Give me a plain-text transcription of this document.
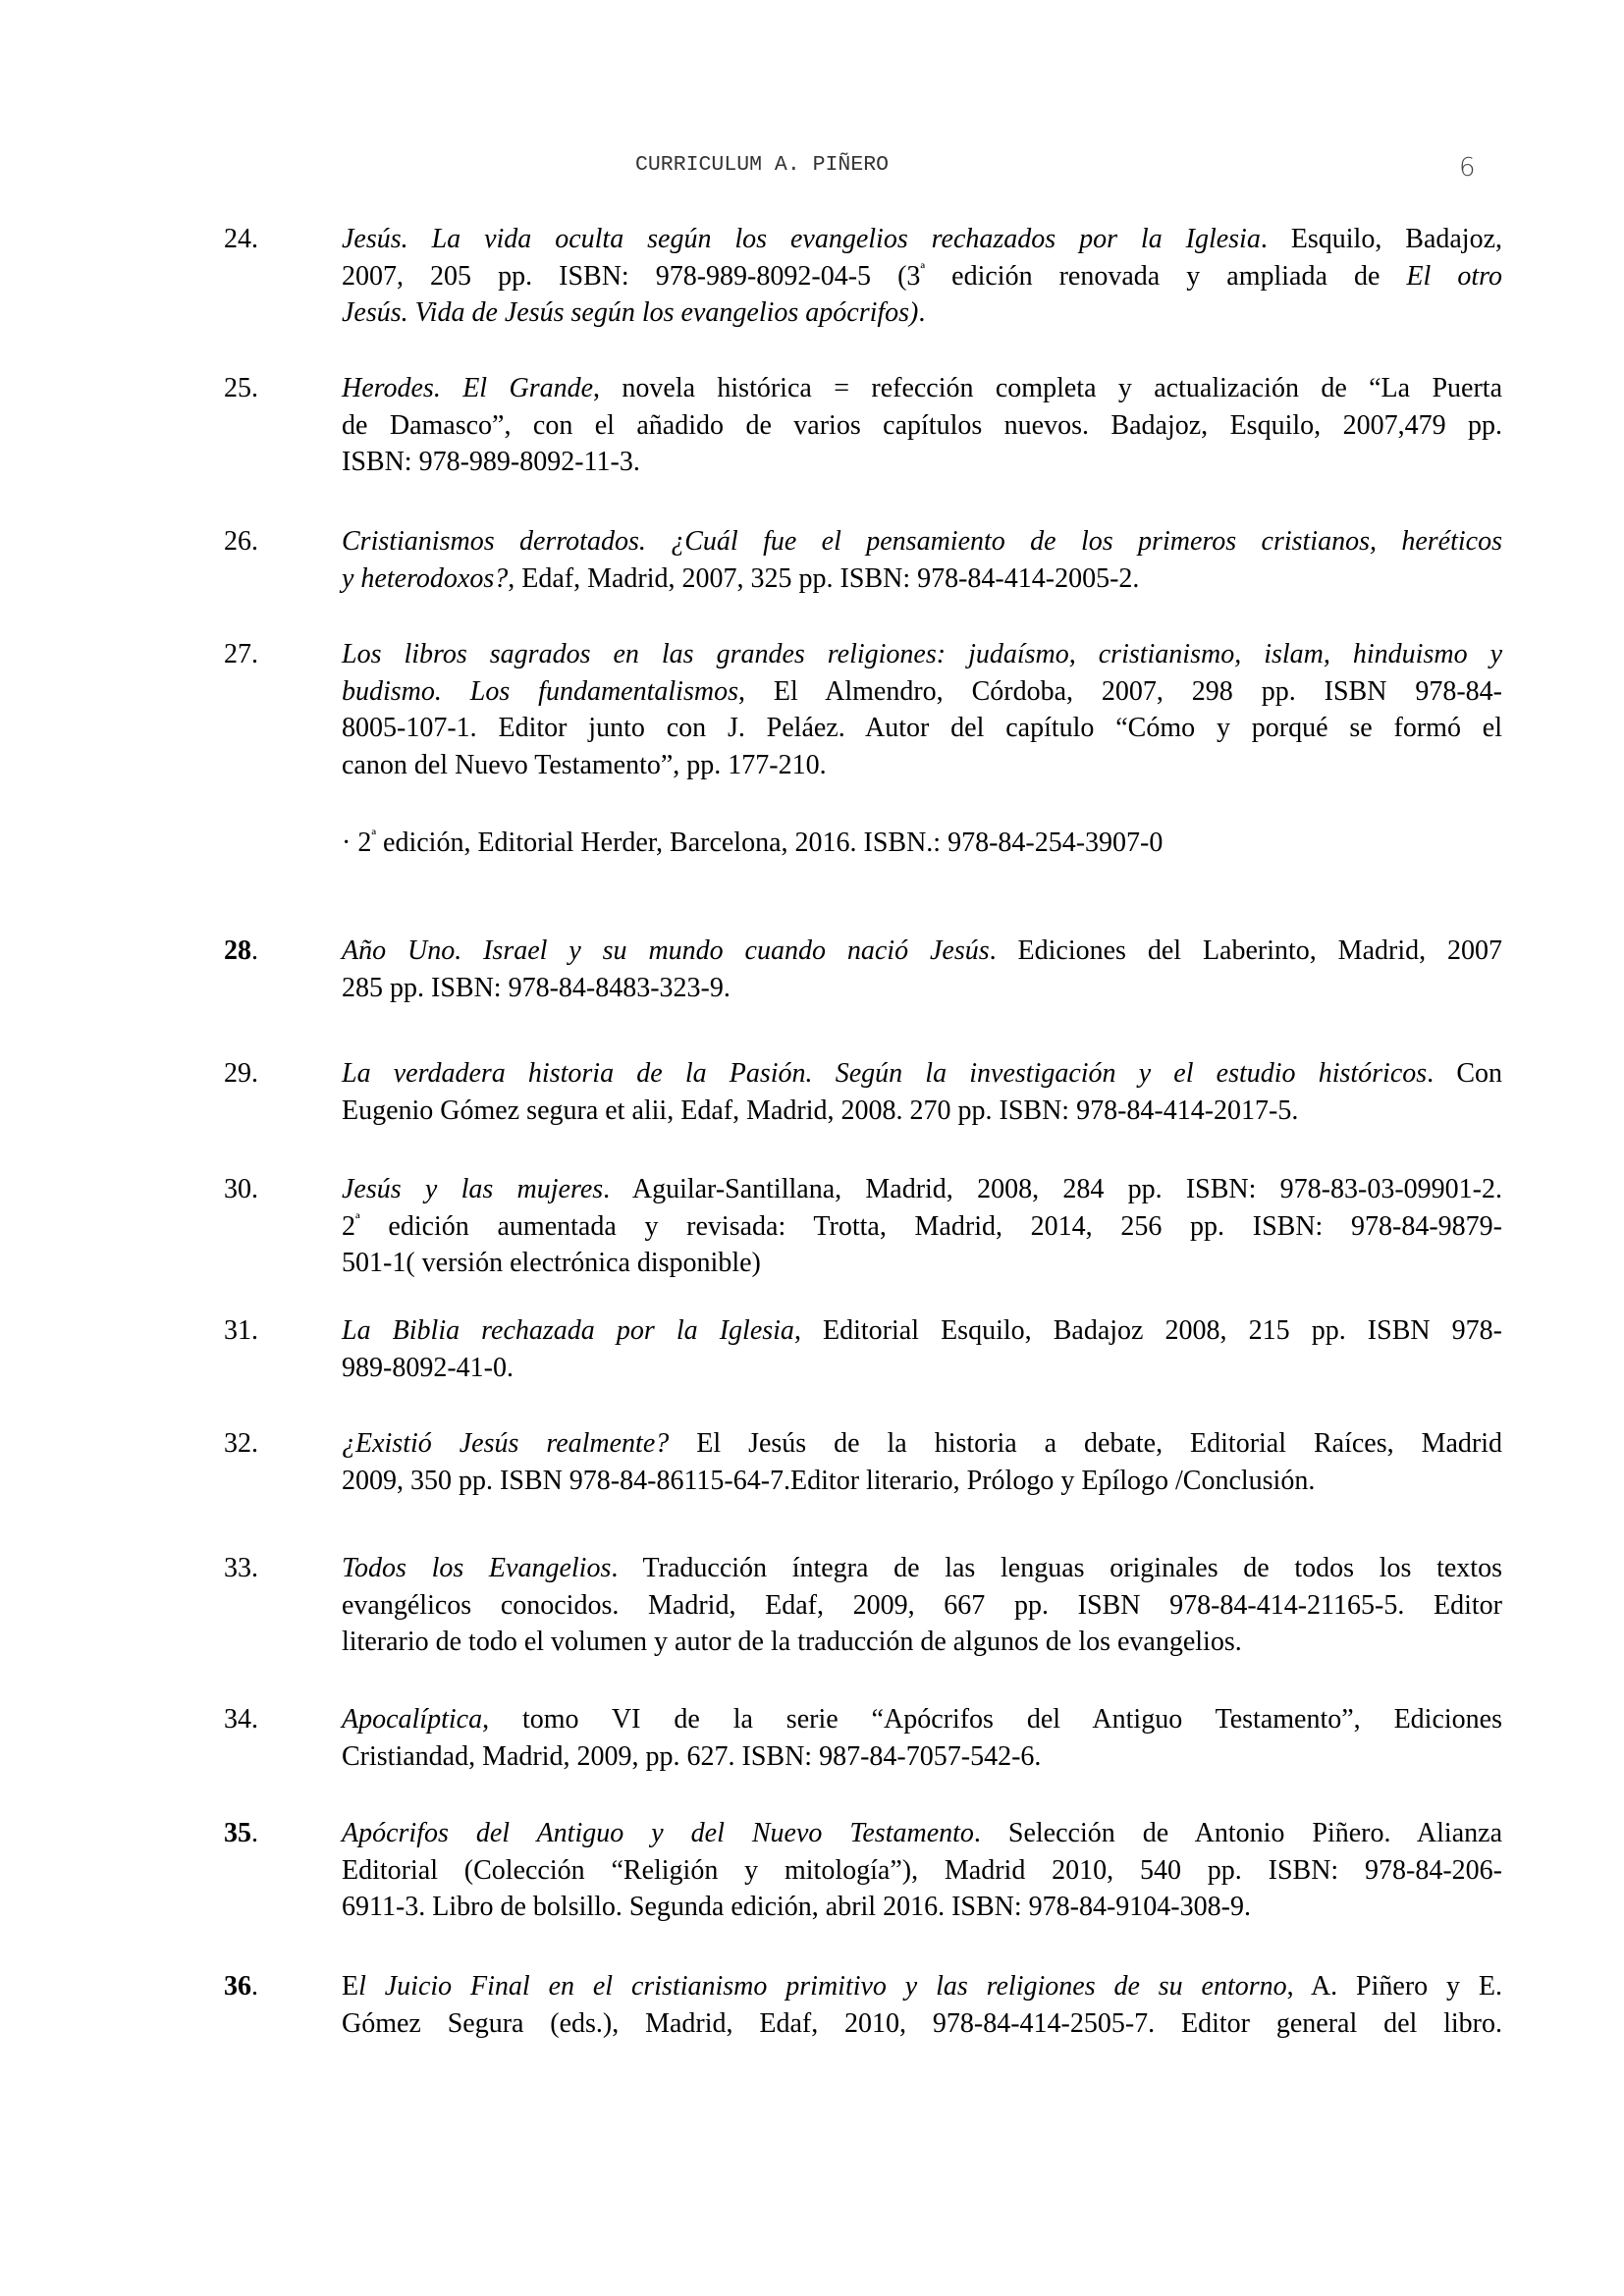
CURRICULUM A. PIÑERO	6
24.	Jesús. La vida oculta según los evangelios rechazados por la Iglesia. Esquilo, Badajoz,
2007, 205 pp. ISBN: 978-989-8092-04-5 ($3^ª$ edición renovada y ampliada de El otro
Jesús. Vida de Jesús según los evangelios apócrifos).
25.	Herodes. El Grande, novela histórica = refección completa y actualización de “La Puerta
de Damasco”, con el añadido de varios capítulos nuevos. Badajoz, Esquilo, 2007,479 pp.
ISBN: 978-989-8092-11-3.
26.	Cristianismos derrotados. ¿Cuál fue el pensamiento de los primeros cristianos, heréticos
y heterodoxos?, Edaf, Madrid, 2007, 325 pp. ISBN: 978-84-414-2005-2.
27.	Los libros sagrados en las grandes religiones: judaísmo, cristianismo, islam, hinduismo y
budismo. Los fundamentalismos, El Almendro, Córdoba, 2007, 298 pp. ISBN 978-84-
8005-107-1. Editor junto con J. Peláez. Autor del capítulo “Cómo y porqué se formó el
canon del Nuevo Testamento”, pp. 177-210.
· $2^ª$ edición, Editorial Herder, Barcelona, 2016. ISBN.: 978-84-254-3907-0
28.	Año Uno. Israel y su mundo cuando nació Jesús. Ediciones del Laberinto, Madrid, 2007
285 pp. ISBN: 978-84-8483-323-9.
29.	La verdadera historia de la Pasión. Según la investigación y el estudio históricos. Con
Eugenio Gómez segura et alii, Edaf, Madrid, 2008. 270 pp. ISBN: 978-84-414-2017-5.
30.	Jesús y las mujeres. Aguilar-Santillana, Madrid, 2008, 284 pp. ISBN: 978-83-03-09901-2.
$2^ª$ edición aumentada y revisada: Trotta, Madrid, 2014, 256 pp. ISBN: 978-84-9879-
501-1( versión electrónica disponible)
31.	La Biblia rechazada por la Iglesia, Editorial Esquilo, Badajoz 2008, 215 pp. ISBN 978-
989-8092-41-0.
32.	¿Existió Jesús realmente? El Jesús de la historia a debate, Editorial Raíces, Madrid
2009, 350 pp. ISBN 978-84-86115-64-7.Editor literario, Prólogo y Epílogo /Conclusión.
33.	Todos los Evangelios. Traducción íntegra de las lenguas originales de todos los textos
evangélicos conocidos. Madrid, Edaf, 2009, 667 pp. ISBN 978-84-414-21165-5. Editor
literario de todo el volumen y autor de la traducción de algunos de los evangelios.
34.	Apocalíptica, tomo VI de la serie “Apócrifos del Antiguo Testamento”, Ediciones
Cristiandad, Madrid, 2009, pp. 627. ISBN: 987-84-7057-542-6.
35.	Apócrifos del Antiguo y del Nuevo Testamento. Selección de Antonio Piñero. Alianza
Editorial (Colección “Religión y mitología”), Madrid 2010, 540 pp. ISBN: 978-84-206-
6911-3. Libro de bolsillo. Segunda edición, abril 2016. ISBN: 978-84-9104-308-9.
36.	El Juicio Final en el cristianismo primitivo y las religiones de su entorno, A. Piñero y E.
Gómez Segura (eds.), Madrid, Edaf, 2010, 978-84-414-2505-7. Editor general del libro.
